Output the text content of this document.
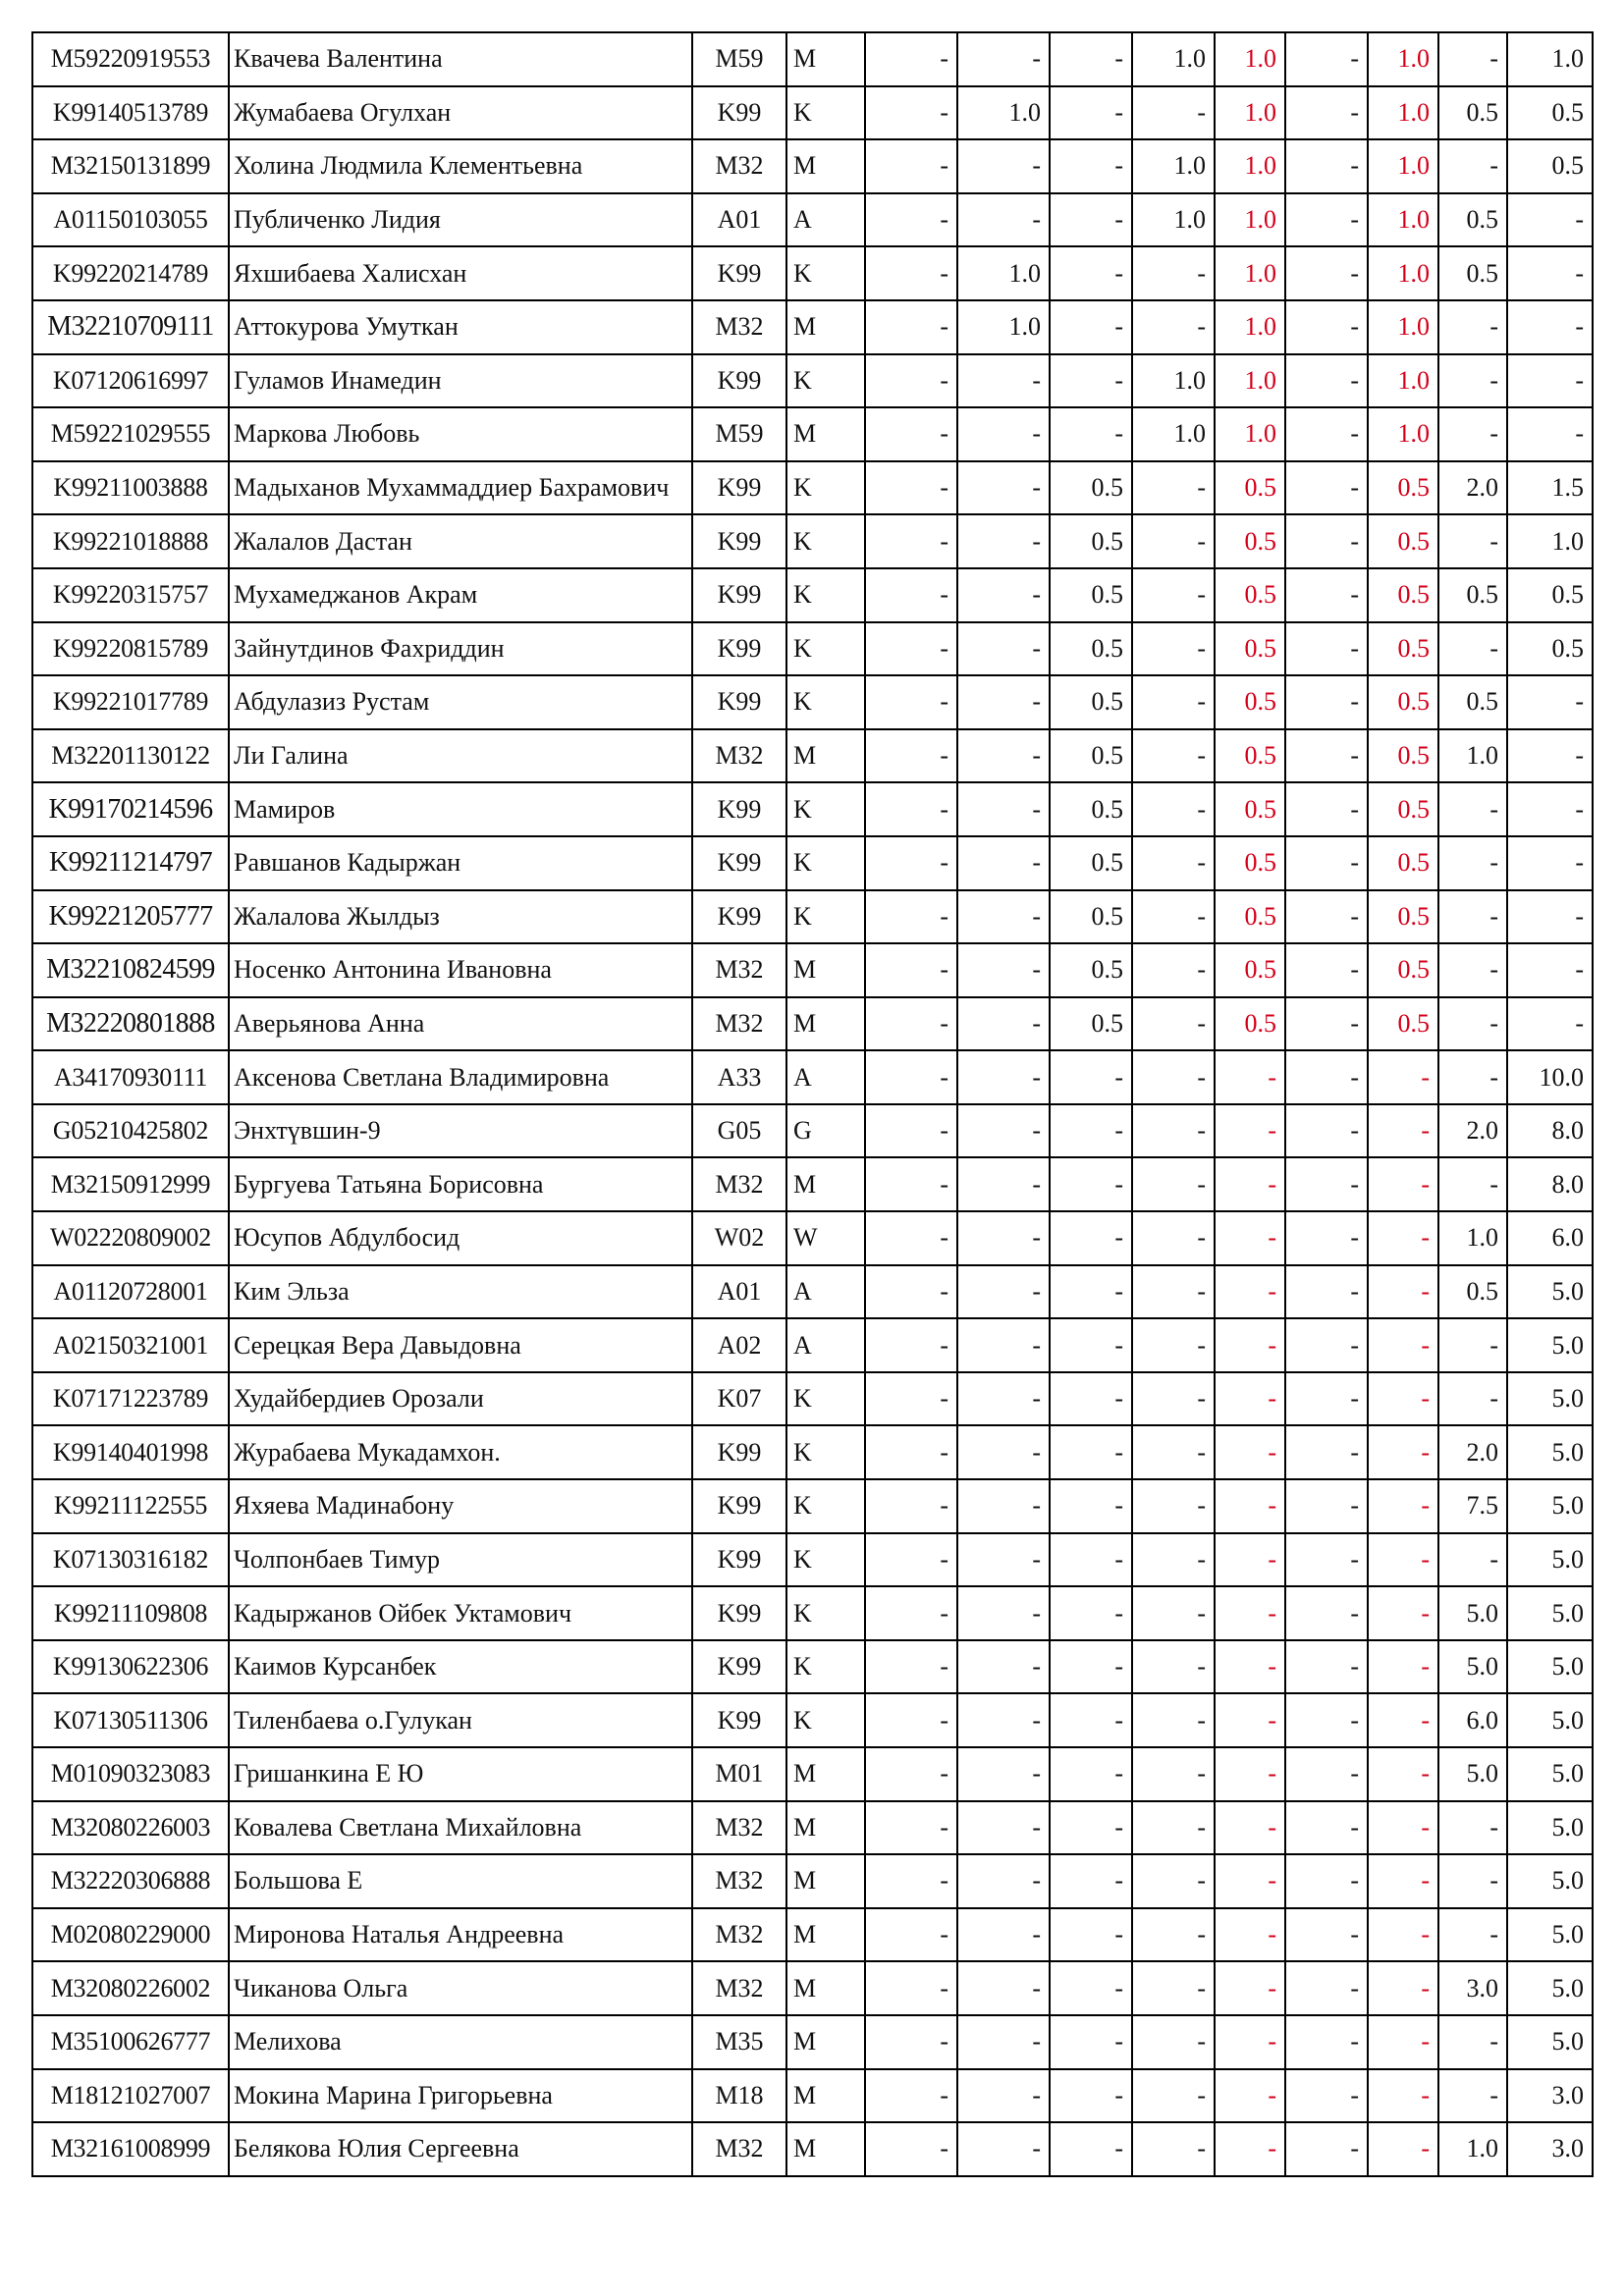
M59220919553	Квачева Валентина	M59	M	-	-	-	1.0	1.0	-	1.0	-	1.0
K99140513789	Жумабаева Огулхан	K99	K	-	1.0	-	-	1.0	-	1.0	0.5	0.5
M32150131899	Холина Людмила Клементьевна	M32	M	-	-	-	1.0	1.0	-	1.0	-	0.5
A01150103055	Публиченко Лидия	A01	A	-	-	-	1.0	1.0	-	1.0	0.5	-
K99220214789	Яхшибаева Халисхан	K99	K	-	1.0	-	-	1.0	-	1.0	0.5	-
M32210709111	Аттокурова Умуткан	M32	M	-	1.0	-	-	1.0	-	1.0	-	-
K07120616997	Гуламов Инамедин	K99	K	-	-	-	1.0	1.0	-	1.0	-	-
M59221029555	Маркова Любовь	M59	M	-	-	-	1.0	1.0	-	1.0	-	-
K99211003888	Мадыханов Мухаммаддиер Бахрамович	K99	K	-	-	0.5	-	0.5	-	0.5	2.0	1.5
K99221018888	Жалалов Дастан	K99	K	-	-	0.5	-	0.5	-	0.5	-	1.0
K99220315757	Мухамеджанов Акрам	K99	K	-	-	0.5	-	0.5	-	0.5	0.5	0.5
K99220815789	Зайнутдинов Фахриддин	K99	K	-	-	0.5	-	0.5	-	0.5	-	0.5
K99221017789	Абдулазиз Рустам	K99	K	-	-	0.5	-	0.5	-	0.5	0.5	-
M32201130122	Ли Галина	M32	M	-	-	0.5	-	0.5	-	0.5	1.0	-
K99170214596	Мамиров	K99	K	-	-	0.5	-	0.5	-	0.5	-	-
K99211214797	Равшанов Кадыржан	K99	K	-	-	0.5	-	0.5	-	0.5	-	-
K99221205777	Жалалова Жылдыз	K99	K	-	-	0.5	-	0.5	-	0.5	-	-
M32210824599	Носенко Антонина Ивановна	M32	M	-	-	0.5	-	0.5	-	0.5	-	-
M32220801888	Аверьянова Анна	M32	M	-	-	0.5	-	0.5	-	0.5	-	-
A34170930111	Аксенова Светлана Владимировна	A33	A	-	-	-	-	-	-	-	-	10.0
G05210425802	Энхтүвшин-9	G05	G	-	-	-	-	-	-	-	2.0	8.0
M32150912999	Бургуева Татьяна Борисовна	M32	M	-	-	-	-	-	-	-	-	8.0
W02220809002	Юсупов Абдулбосид	W02	W	-	-	-	-	-	-	-	1.0	6.0
A01120728001	Ким Эльза	A01	A	-	-	-	-	-	-	-	0.5	5.0
A02150321001	Серецкая Вера Давыдовна	A02	A	-	-	-	-	-	-	-	-	5.0
K07171223789	Худайбердиев Орозали	K07	K	-	-	-	-	-	-	-	-	5.0
K99140401998	Журабаева Мукадамхон.	K99	K	-	-	-	-	-	-	-	2.0	5.0
K99211122555	Яхяева Мадинабону	K99	K	-	-	-	-	-	-	-	7.5	5.0
K07130316182	Чолпонбаев Тимур	K99	K	-	-	-	-	-	-	-	-	5.0
K99211109808	Кадыржанов Ойбек Уктамович	K99	K	-	-	-	-	-	-	-	5.0	5.0
K99130622306	Каимов Курсанбек	K99	K	-	-	-	-	-	-	-	5.0	5.0
K07130511306	Тиленбаева о.Гулукан	K99	K	-	-	-	-	-	-	-	6.0	5.0
M01090323083	Гришанкина Е Ю	M01	M	-	-	-	-	-	-	-	5.0	5.0
M32080226003	Ковалева Светлана Михайловна	M32	M	-	-	-	-	-	-	-	-	5.0
M32220306888	Большова Е	M32	M	-	-	-	-	-	-	-	-	5.0
M02080229000	Миронова Наталья Андреевна	M32	M	-	-	-	-	-	-	-	-	5.0
M32080226002	Чиканова Ольга	M32	M	-	-	-	-	-	-	-	3.0	5.0
M35100626777	Мелихова	M35	M	-	-	-	-	-	-	-	-	5.0
M18121027007	Мокина Марина Григорьевна	M18	M	-	-	-	-	-	-	-	-	3.0
M32161008999	Белякова Юлия Сергеевна	M32	M	-	-	-	-	-	-	-	1.0	3.0
